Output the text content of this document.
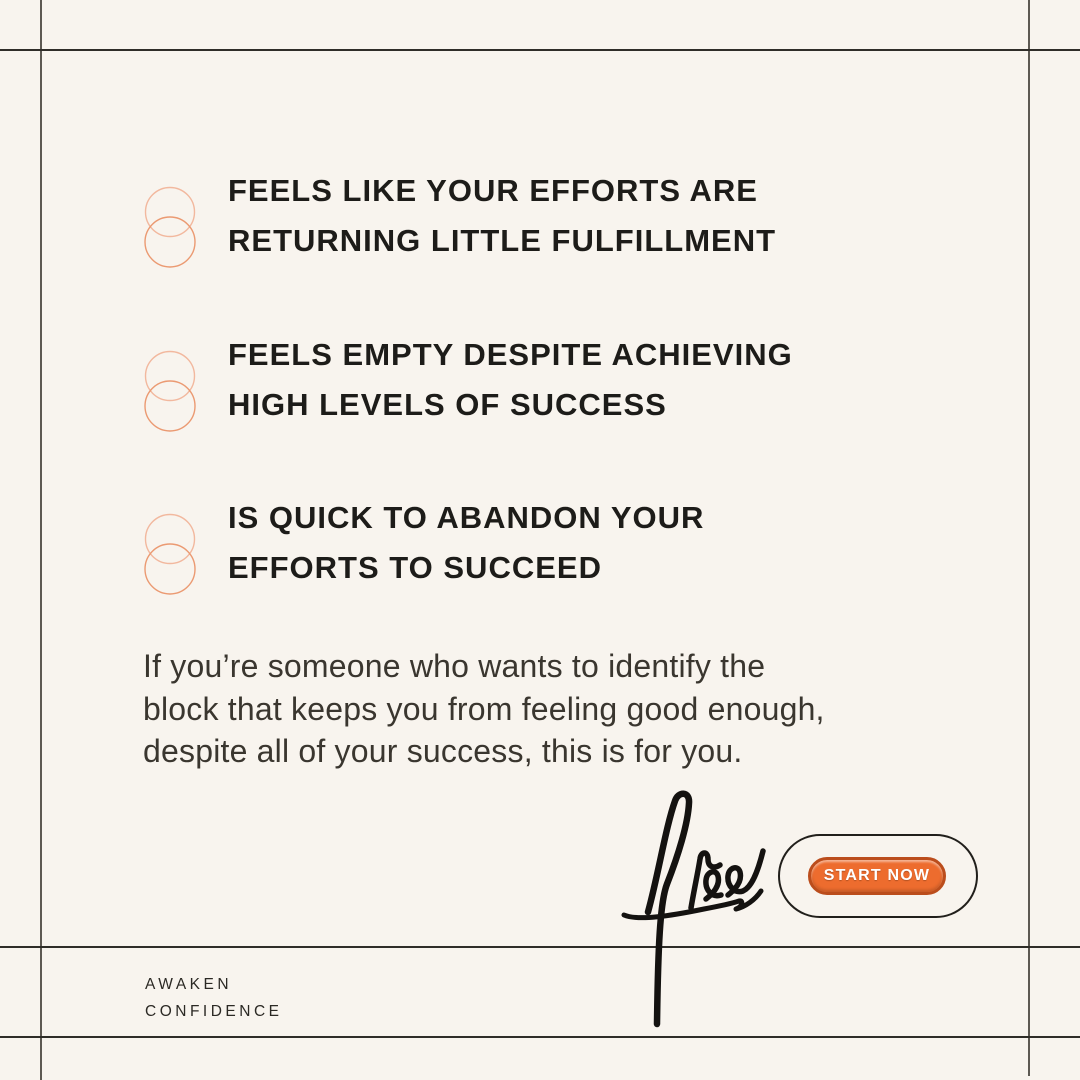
FEELS LIKE YOUR EFFORTS ARE
RETURNING LITTLE FULFILLMENT
FEELS EMPTY DESPITE ACHIEVING
HIGH LEVELS OF SUCCESS
IS QUICK TO ABANDON YOUR
EFFORTS TO SUCCEED
If you’re someone who wants to identify the
block that keeps you from feeling good enough,
despite all of your success, this is for you.
START NOW
AWAKEN
CONFIDENCE
